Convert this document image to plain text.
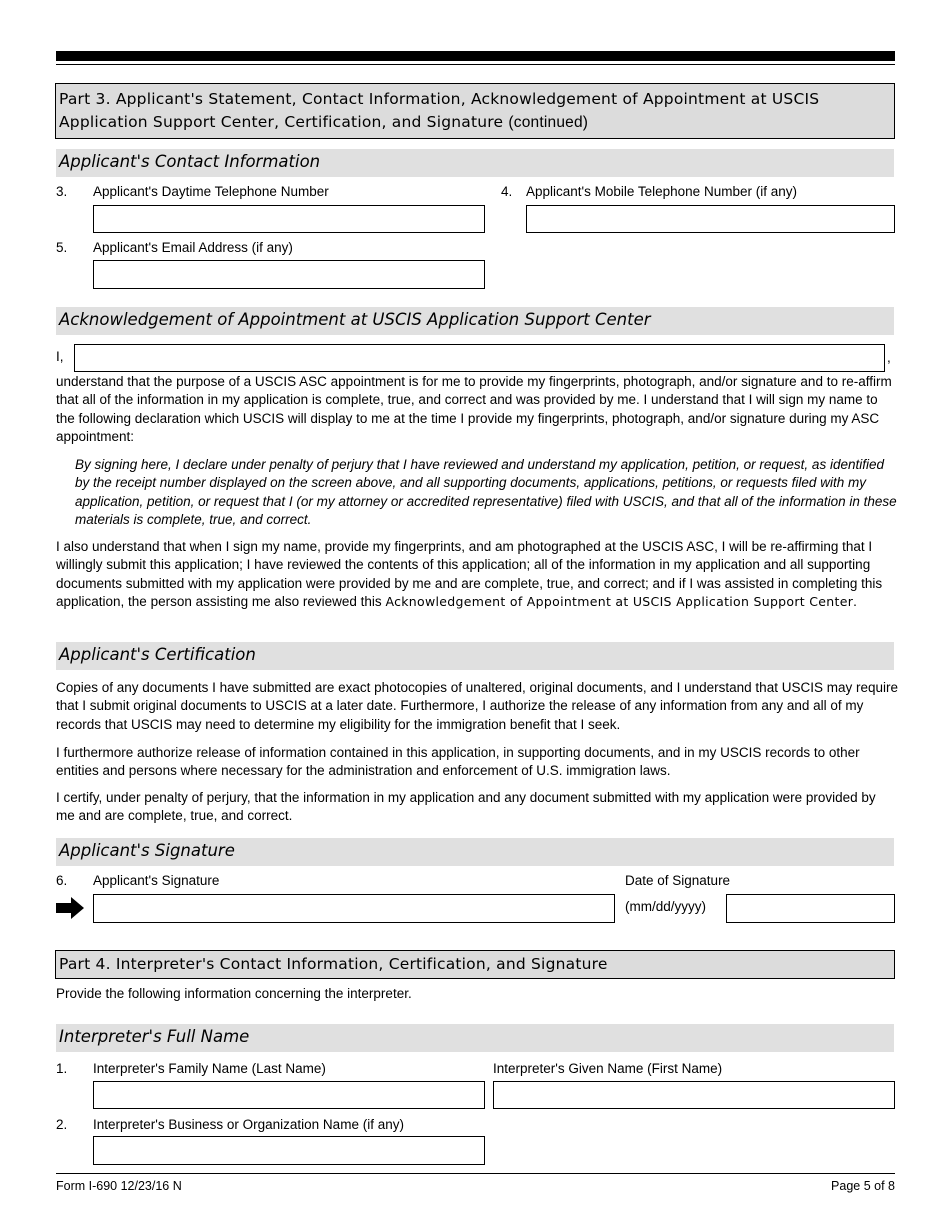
Part 3. Applicant's Statement, Contact Information, Acknowledgement of Appointment at USCIS Application Support Center, Certification, and Signature (continued)
Applicant's Contact Information
3. Applicant's Daytime Telephone Number	4. Applicant's Mobile Telephone Number (if any)
5. Applicant's Email Address (if any)
Acknowledgement of Appointment at USCIS Application Support Center
I,	,

understand that the purpose of a USCIS ASC appointment is for me to provide my fingerprints, photograph, and/or signature and to re-affirm that all of the information in my application is complete, true, and correct and was provided by me. I understand that I will sign my name to the following declaration which USCIS will display to me at the time I provide my fingerprints, photograph, and/or signature during my ASC appointment:

By signing here, I declare under penalty of perjury that I have reviewed and understand my application, petition, or request, as identified by the receipt number displayed on the screen above, and all supporting documents, applications, petitions, or requests filed with my application, petition, or request that I (or my attorney or accredited representative) filed with USCIS, and that all of the information in these materials is complete, true, and correct.

I also understand that when I sign my name, provide my fingerprints, and am photographed at the USCIS ASC, I will be re-affirming that I willingly submit this application; I have reviewed the contents of this application; all of the information in my application and all supporting documents submitted with my application were provided by me and are complete, true, and correct; and if I was assisted in completing this application, the person assisting me also reviewed this Acknowledgement of Appointment at USCIS Application Support Center.

Applicant's Certification

Copies of any documents I have submitted are exact photocopies of unaltered, original documents, and I understand that USCIS may require that I submit original documents to USCIS at a later date. Furthermore, I authorize the release of any information from any and all of my records that USCIS may need to determine my eligibility for the immigration benefit that I seek.

I furthermore authorize release of information contained in this application, in supporting documents, and in my USCIS records to other entities and persons where necessary for the administration and enforcement of U.S. immigration laws.

I certify, under penalty of perjury, that the information in my application and any document submitted with my application were provided by me and are complete, true, and correct.

Applicant's Signature
6. Applicant's Signature	Date of Signature
(mm/dd/yyyy)
Part 4. Interpreter's Contact Information, Certification, and Signature
Provide the following information concerning the interpreter.
Interpreter's Full Name
1. Interpreter's Family Name (Last Name)	Interpreter's Given Name (First Name)
2. Interpreter's Business or Organization Name (if any)
Form I-690 12/23/16 N	Page 5 of 8
